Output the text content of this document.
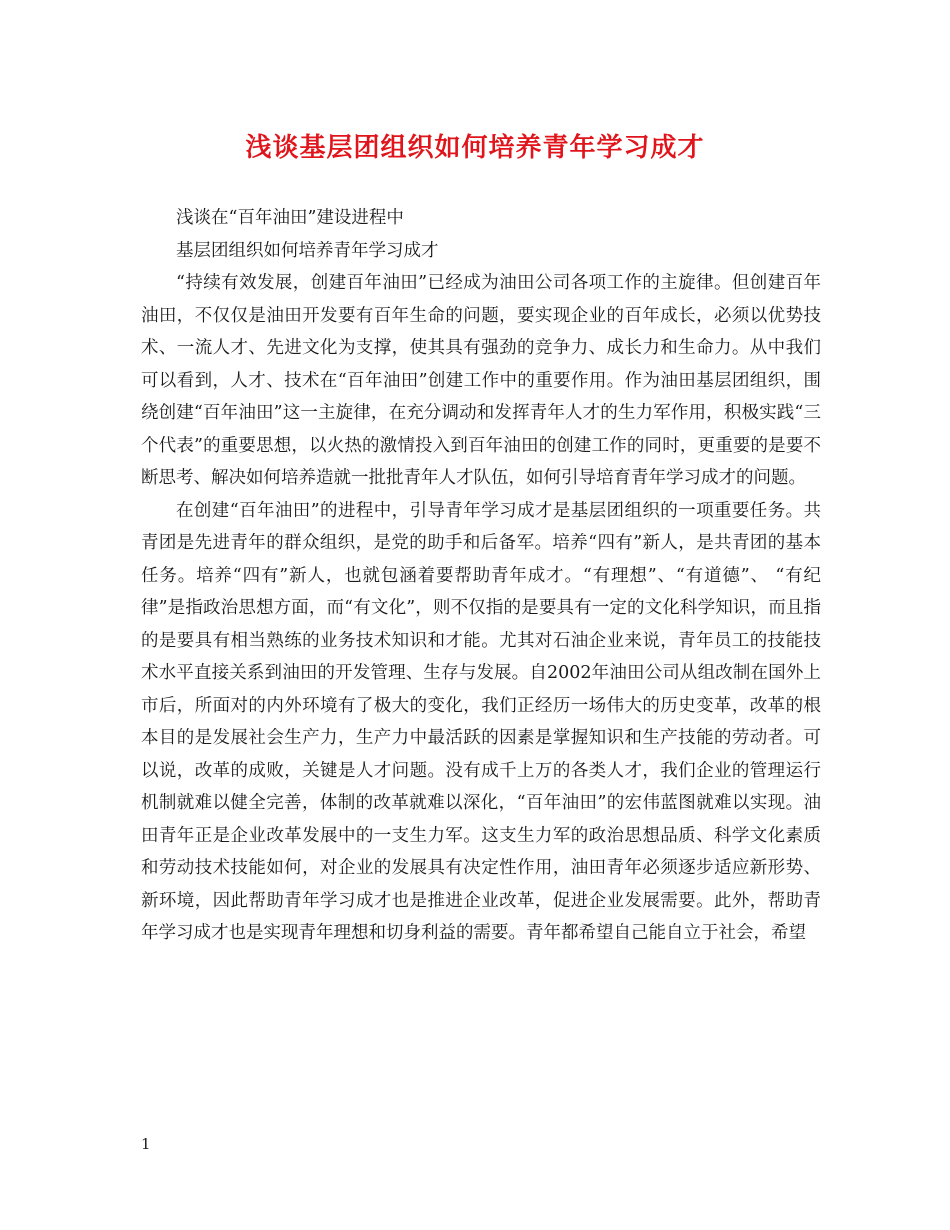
浅谈基层团组织如何培养青年学习成才

浅谈在“百年油田”建设进程中

基层团组织如何培养青年学习成才

“持续有效发展，创建百年油田”已经成为油田公司各项工作的主旋律。但创建百年油田，不仅仅是油田开发要有百年生命的问题，要实现企业的百年成长，必须以优势技术、一流人才、先进文化为支撑，使其具有强劲的竞争力、成长力和生命力。从中我们可以看到，人才、技术在“百年油田”创建工作中的重要作用。作为油田基层团组织，围绕创建“百年油田”这一主旋律，在充分调动和发挥青年人才的生力军作用，积极实践“三个代表”的重要思想，以火热的激情投入到百年油田的创建工作的同时，更重要的是要不断思考、解决如何培养造就一批批青年人才队伍，如何引导培育青年学习成才的问题。

在创建“百年油田”的进程中，引导青年学习成才是基层团组织的一项重要任务。共青团是先进青年的群众组织，是党的助手和后备军。培养“四有”新人，是共青团的基本任务。培养“四有”新人，也就包涵着要帮助青年成才。“有理想”、“有道德”、 “有纪律”是指政治思想方面，而“有文化”，则不仅指的是要具有一定的文化科学知识，而且指的是要具有相当熟练的业务技术知识和才能。尤其对石油企业来说，青年员工的技能技术水平直接关系到油田的开发管理、生存与发展。自2002年油田公司从组改制在国外上市后，所面对的内外环境有了极大的变化，我们正经历一场伟大的历史变革，改革的根本目的是发展社会生产力，生产力中最活跃的因素是掌握知识和生产技能的劳动者。可以说，改革的成败，关键是人才问题。没有成千上万的各类人才，我们企业的管理运行机制就难以健全完善，体制的改革就难以深化，“百年油田”的宏伟蓝图就难以实现。油田青年正是企业改革发展中的一支生力军。这支生力军的政治思想品质、科学文化素质和劳动技术技能如何，对企业的发展具有决定性作用，油田青年必须逐步适应新形势、新环境，因此帮助青年学习成才也是推进企业改革，促进企业发展需要。此外，帮助青年学习成才也是实现青年理想和切身利益的需要。青年都希望自己能自立于社会，希望

1
